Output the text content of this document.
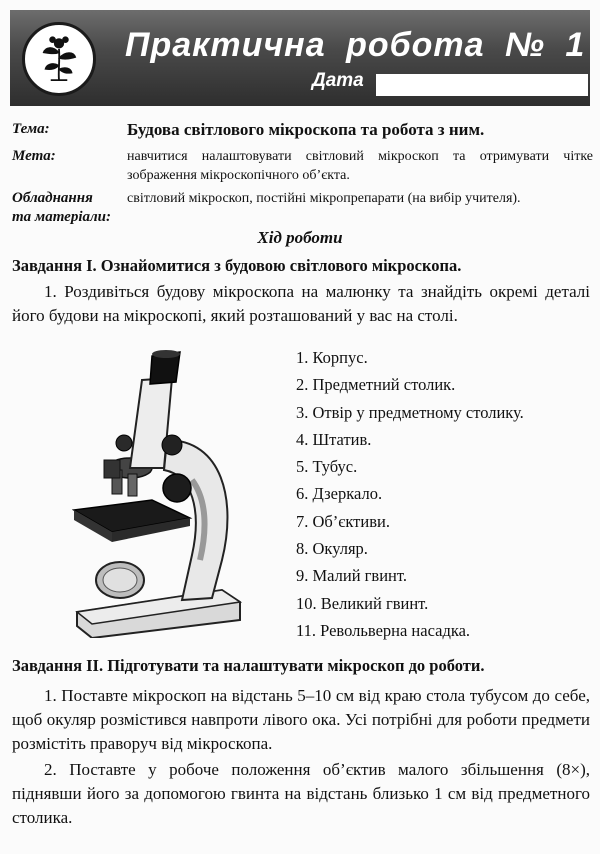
Практична робота № 1
Дата
Тема:	Будова світлового мікроскопа та робота з ним.
Мета:	навчитися налаштовувати світловий мікроскоп та отримувати чітке зображення мікроскопічного об’єкта.
Обладнання
та матеріали:
світловий мікроскоп, постійні мікропрепарати (на вибір учителя).
Хід роботи
Завдання І. Ознайомитися з будовою світлового мікроскопа.
1. Роздивіться будову мікроскопа на малюнку та знайдіть окремі деталі його будови на мікроскопі, який розташований у вас на столі.
1. Корпус.
2. Предметний столик.
3. Отвір у предметному столику.
4. Штатив.
5. Тубус.
6. Дзеркало.
7. Об’єктиви.
8. Окуляр.
9. Малий гвинт.
10. Великий гвинт.
11. Револьверна насадка.
Завдання ІІ. Підготувати та налаштувати мікроскоп до роботи.
1. Поставте мікроскоп на відстань 5–10 см від краю стола тубусом до себе, щоб окуляр розмістився навпроти лівого ока. Усі потрібні для роботи предмети розмістіть праворуч від мікроскопа.
2. Поставте у робоче положення об’єктив малого збільшення (8×), піднявши його за допомогою гвинта на відстань близько 1 см від предметного столика.
